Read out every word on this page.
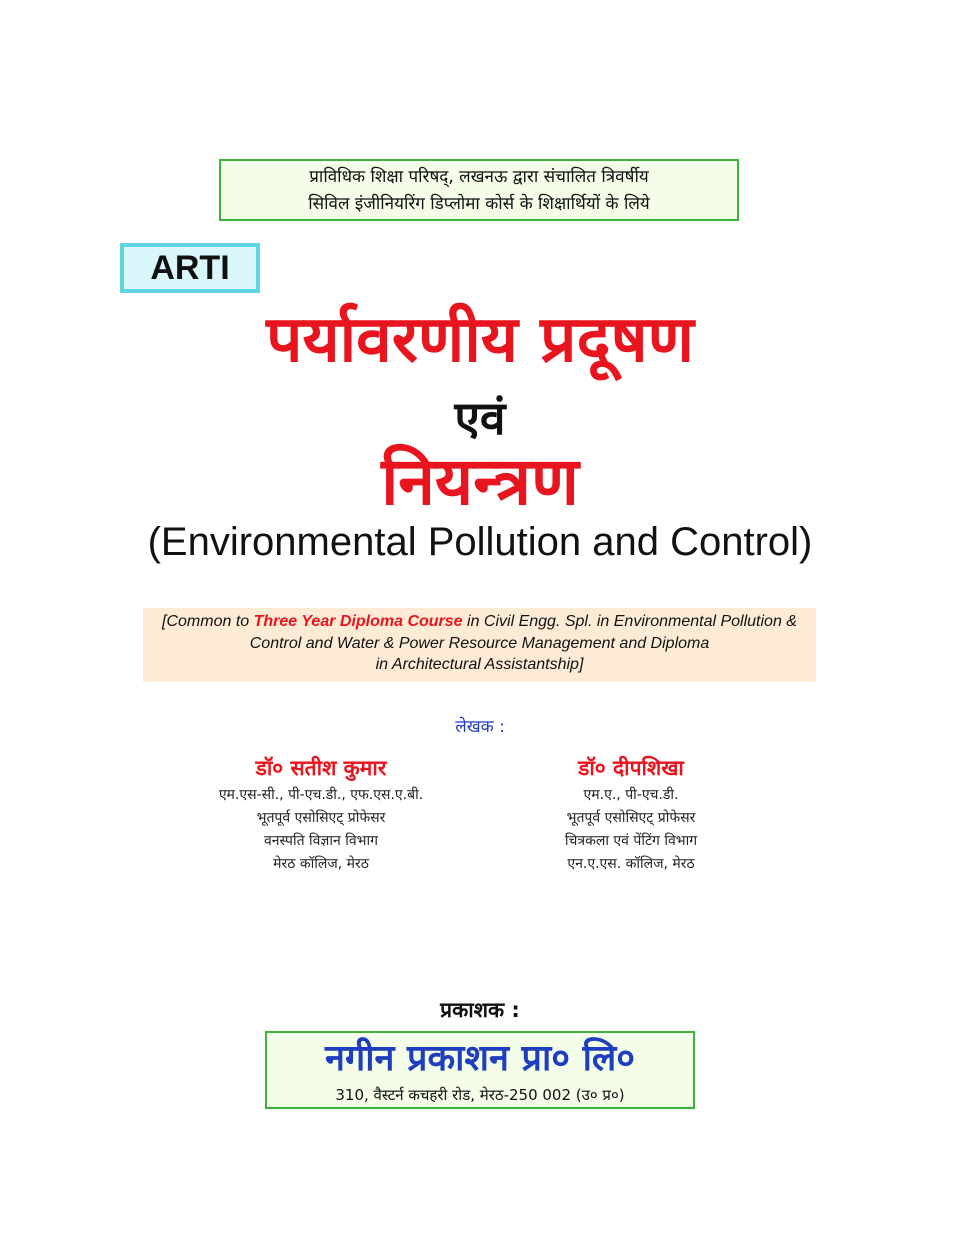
प्राविधिक शिक्षा परिषद्, लखनऊ द्वारा संचालित त्रिवर्षीय
सिविल इंजीनियरिंग डिप्लोमा कोर्स के शिक्षार्थियों के लिये
ARTI
पर्यावरणीय प्रदूषण
एवं
नियन्त्रण
(Environmental Pollution and Control)
[Common to Three Year Diploma Course in Civil Engg. Spl. in Environmental Pollution &
Control and Water & Power Resource Management and Diploma
in Architectural Assistantship]
लेखक :
डॉ० सतीश कुमार
एम.एस-सी., पी-एच.डी., एफ.एस.ए.बी.
भूतपूर्व एसोसिएट् प्रोफेसर
वनस्पति विज्ञान विभाग
मेरठ कॉलिज, मेरठ
डॉ० दीपशिखा
एम.ए., पी-एच.डी.
भूतपूर्व एसोसिएट् प्रोफेसर
चित्रकला एवं पेंटिंग विभाग
एन.ए.एस. कॉलिज, मेरठ
प्रकाशक :
नगीन प्रकाशन प्रा० लि०
310, वैस्टर्न कचहरी रोड, मेरठ-250 002 (उ० प्र०)
